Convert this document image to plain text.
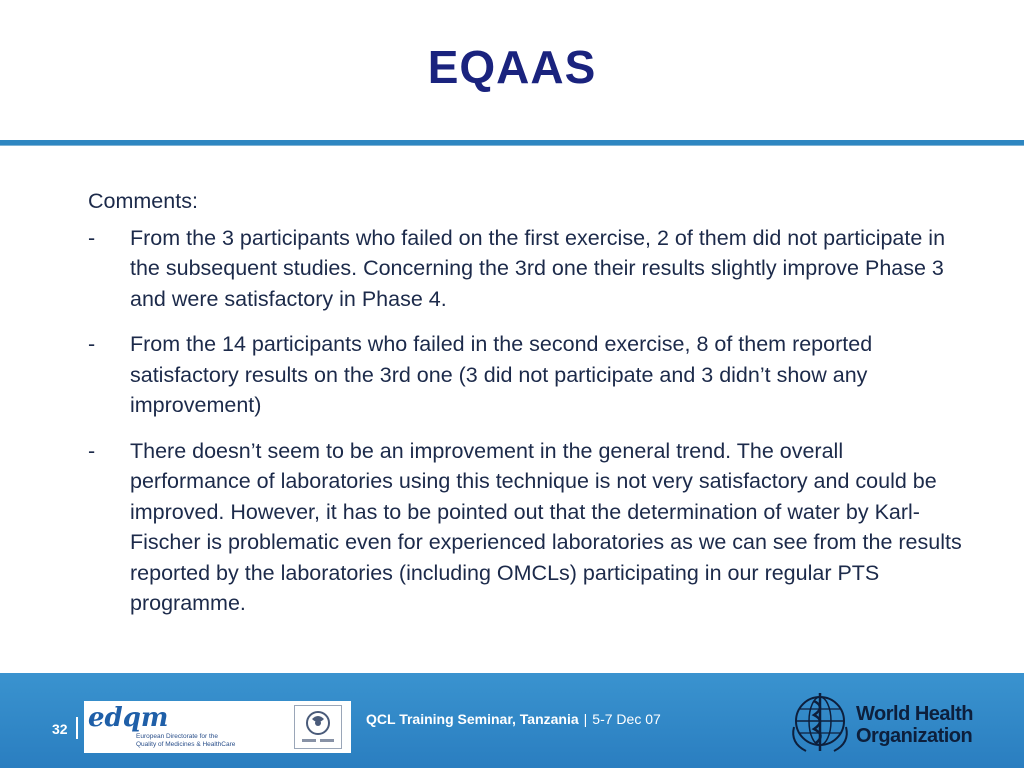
EQAAS
Comments:
-	From the 3 participants who failed on the first exercise, 2 of them did not participate in the subsequent studies. Concerning the 3rd one their results slightly improve Phase 3 and were satisfactory in Phase 4.
-	From the 14 participants who failed in the second exercise, 8 of them reported satisfactory results on the 3rd one (3 did not participate and 3 didn’t show any improvement)
-	There doesn’t seem to be an improvement in the general trend. The overall performance of laboratories using this technique is not very satisfactory and could be improved. However, it has to be pointed out that the determination of water by Karl-Fischer is problematic even for experienced laboratories as we can see from the results reported by the laboratories (including OMCLs) participating in our regular PTS programme.
32 edqm
European Directorate for the
Quality of Medicines & HealthCare
QCL Training Seminar, Tanzania | 5-7 Dec 07	World Health
Organization
